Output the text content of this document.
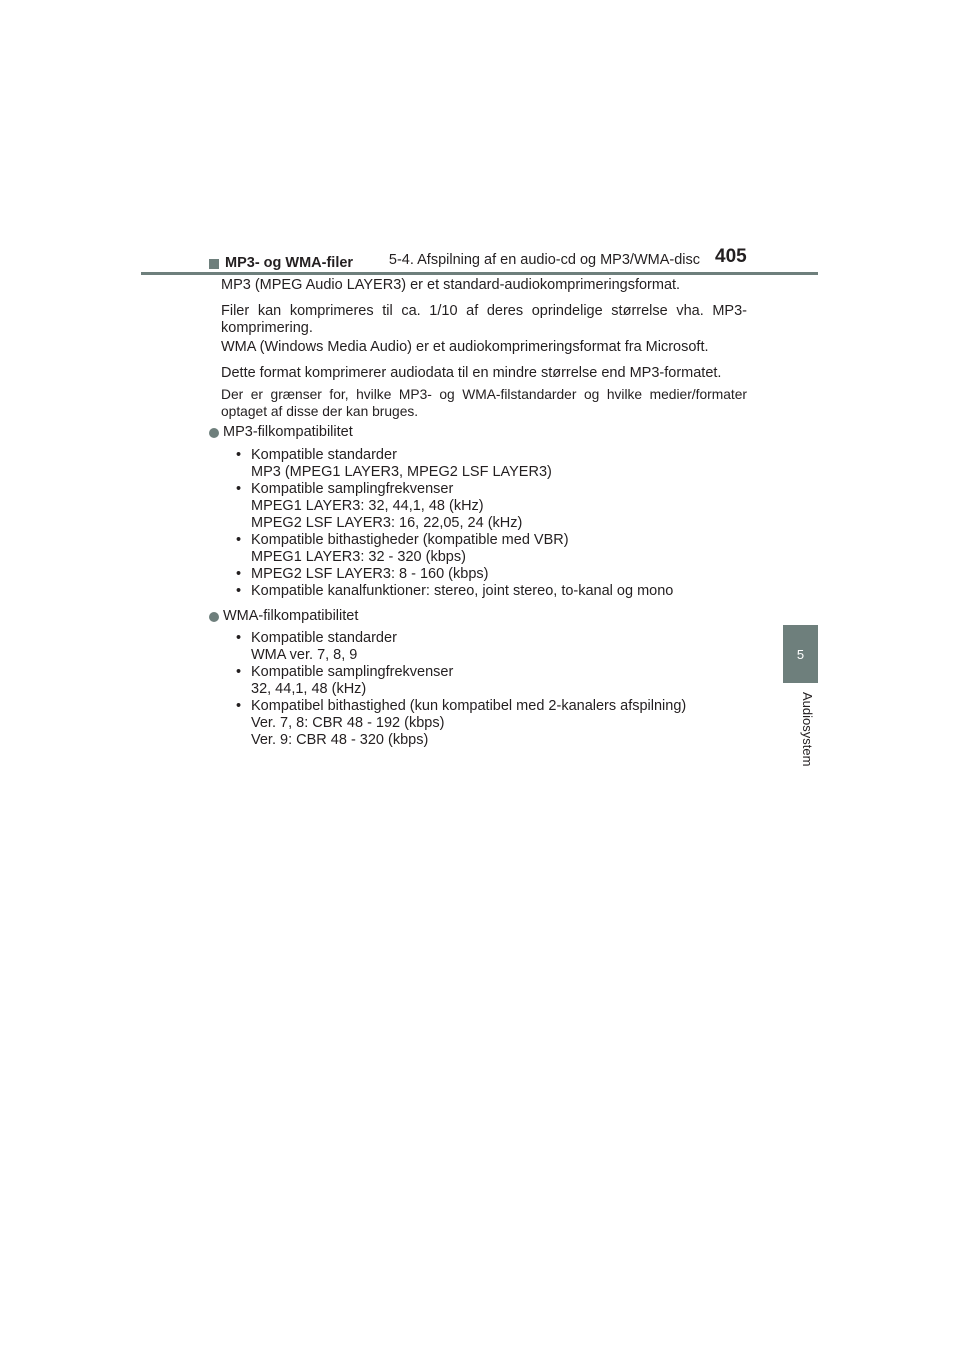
5-4. Afspilning af en audio-cd og MP3/WMA-disc 405
5
Audiosystem
MP3- og WMA-filer
MP3 (MPEG Audio LAYER3) er et standard-audiokomprimeringsformat.
Filer kan komprimeres til ca. 1/10 af deres oprindelige størrelse vha. MP3-komprimering.
WMA (Windows Media Audio) er et audiokomprimeringsformat fra Microsoft.
Dette format komprimerer audiodata til en mindre størrelse end MP3-formatet.
Der er grænser for, hvilke MP3- og WMA-filstandarder og hvilke medier/formater optaget af disse der kan bruges.
MP3-filkompatibilitet
• Kompatible standarder
MP3 (MPEG1 LAYER3, MPEG2 LSF LAYER3)
• Kompatible samplingfrekvenser
MPEG1 LAYER3: 32, 44,1, 48 (kHz)
MPEG2 LSF LAYER3: 16, 22,05, 24 (kHz)
• Kompatible bithastigheder (kompatible med VBR)
MPEG1 LAYER3: 32 - 320 (kbps)
• MPEG2 LSF LAYER3: 8 - 160 (kbps)
• Kompatible kanalfunktioner: stereo, joint stereo, to-kanal og mono
WMA-filkompatibilitet
• Kompatible standarder
WMA ver. 7, 8, 9
• Kompatible samplingfrekvenser
32, 44,1, 48 (kHz)
• Kompatibel bithastighed (kun kompatibel med 2-kanalers afspilning)
Ver. 7, 8: CBR 48 - 192 (kbps)
Ver. 9: CBR 48 - 320 (kbps)
